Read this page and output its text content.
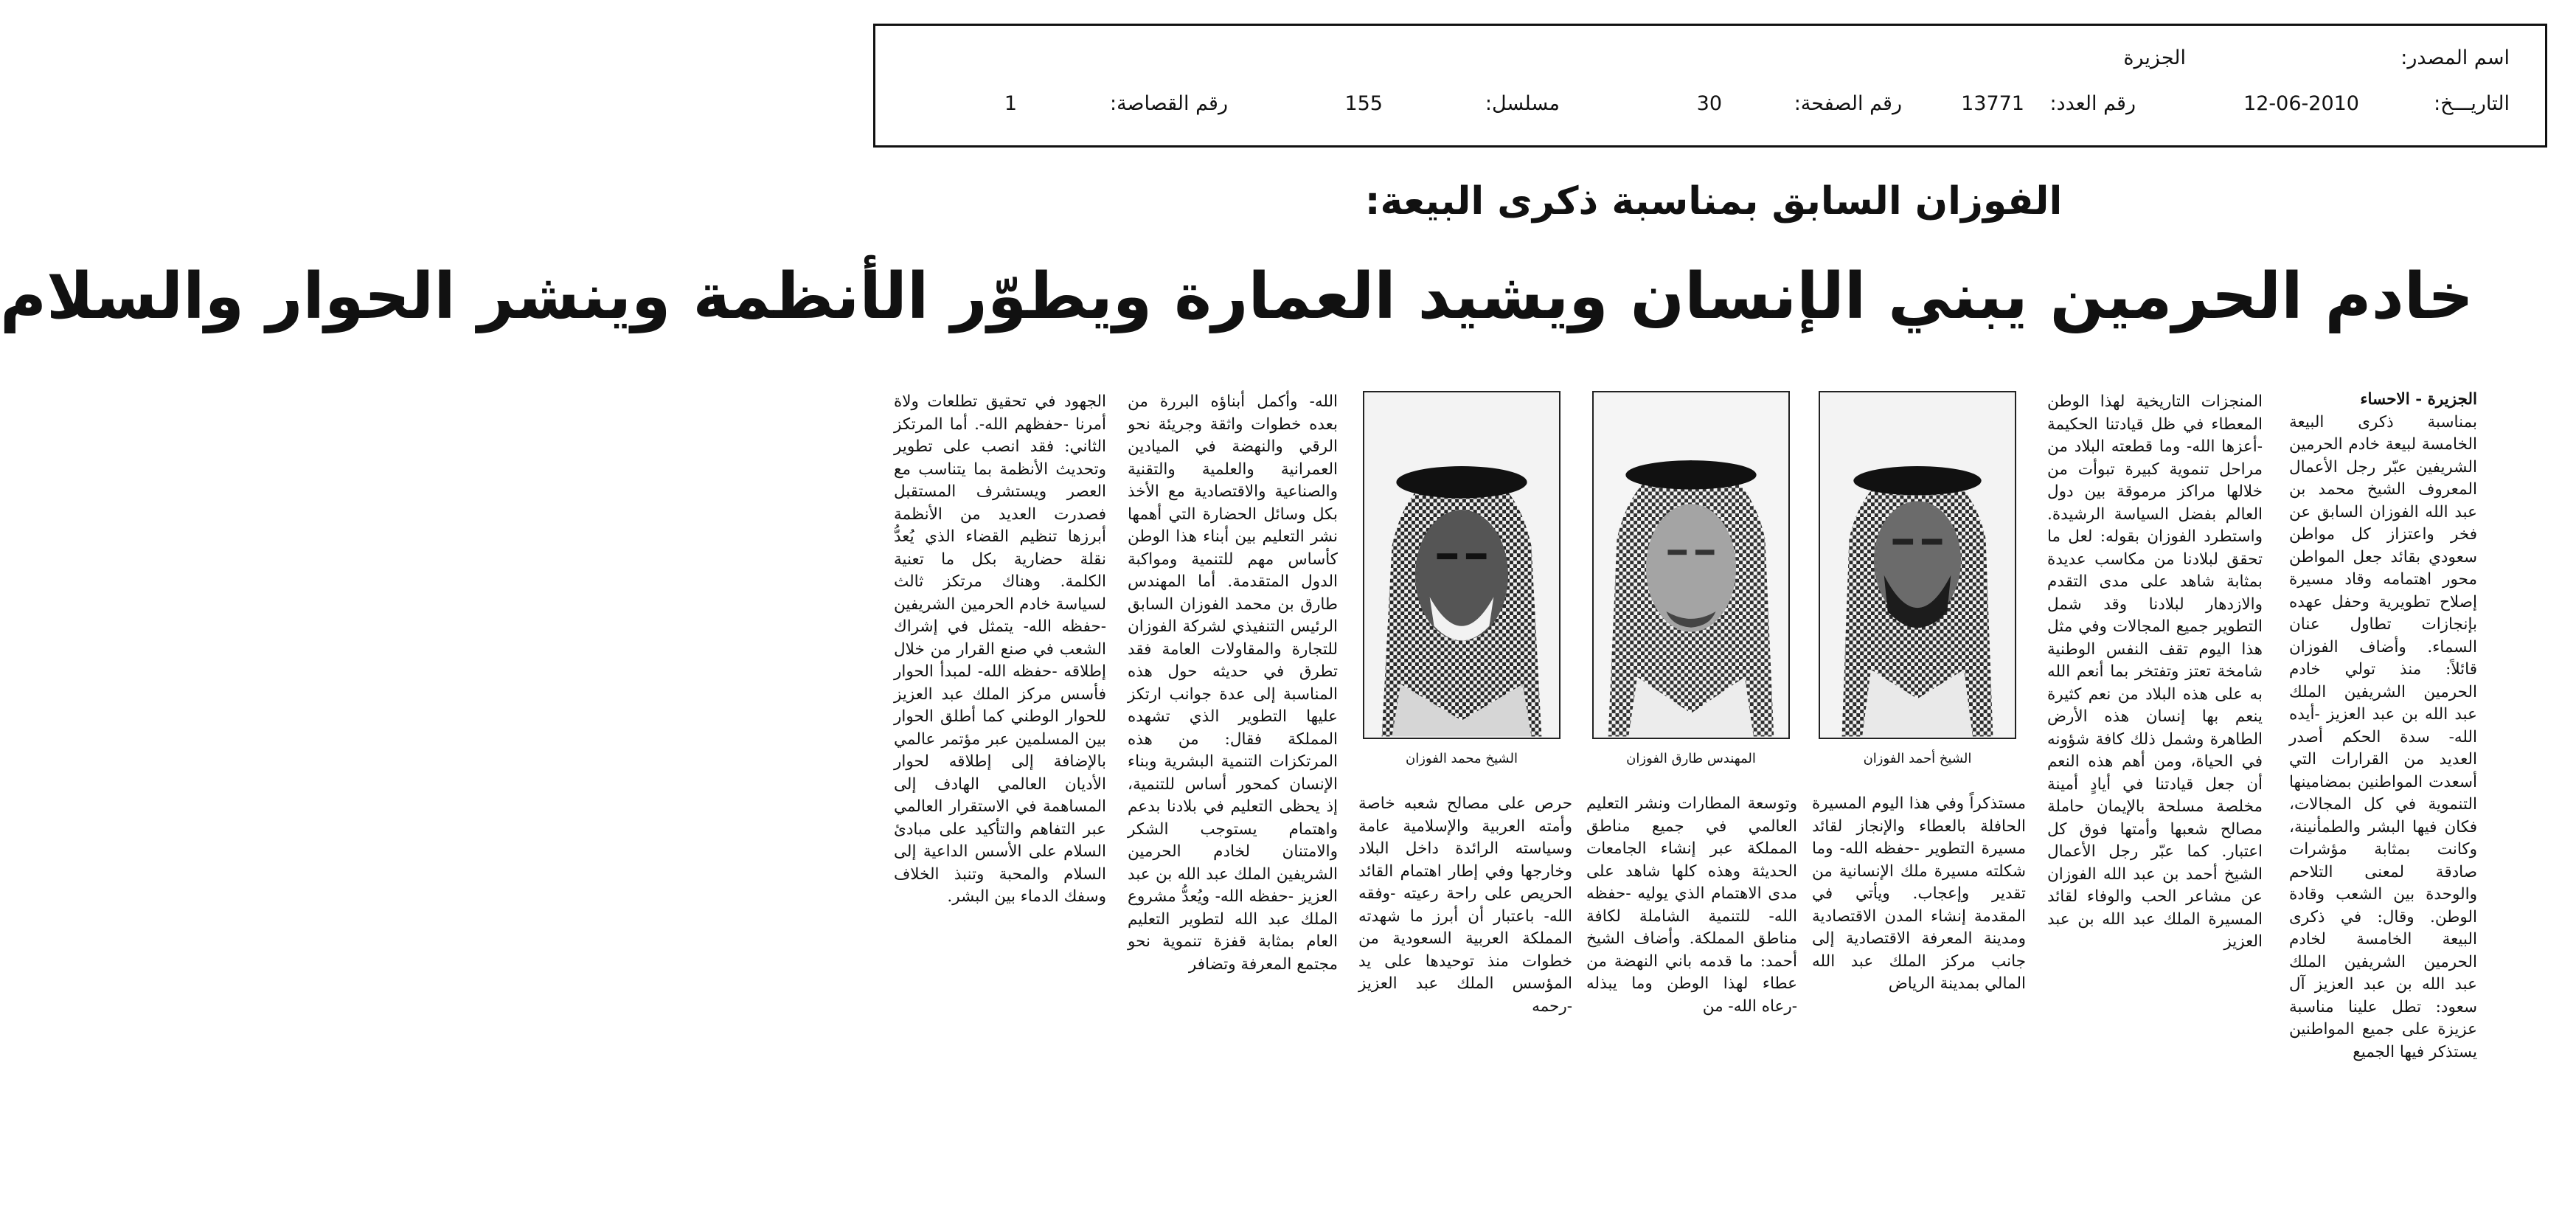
اسم المصدر:
الجزيرة
التاريـــخ:
12-06-2010
رقم العدد:
13771
رقم الصفحة:
30
مسلسل:
155
رقم القصاصة:
1
الفوزان السابق بمناسبة ذكرى البيعة:
خادم الحرمين يبني الإنسان ويشيد العمارة ويطوّر الأنظمة وينشر الحوار والسلام
الجزيرة - الاحساء

بمناسبة ذكرى البيعة الخامسة لبيعة خادم الحرمين الشريفين عبّر رجل الأعمال المعروف الشيخ محمد بن عبد الله الفوزان السابق عن فخر واعتزاز كل مواطن سعودي بقائد جعل المواطن محور اهتمامه وقاد مسيرة إصلاح تطويرية وحفل عهده بإنجازات تطاول عنان السماء. وأضاف الفوزان قائلاً: منذ تولي خادم الحرمين الشريفين الملك عبد الله بن عبد العزيز -أيده الله- سدة الحكم أصدر العديد من القرارات التي أسعدت المواطنين بمضامينها التنموية في كل المجالات، فكان فيها البشر والطمأنينة، وكانت بمثابة مؤشرات صادقة لمعنى التلاحم والوحدة بين الشعب وقادة الوطن. وقال: في ذكرى البيعة الخامسة لخادم الحرمين الشريفين الملك عبد الله بن عبد العزيز آل سعود: تطل علينا مناسبة عزيزة على جميع المواطنين يستذكر فيها الجميع

المنجزات التاريخية لهذا الوطن المعطاء في ظل قيادتنا الحكيمة -أعزها الله- وما قطعته البلاد من مراحل تنموية كبيرة تبوأت من خلالها مراكز مرموقة بين دول العالم بفضل السياسة الرشيدة. واستطرد الفوزان بقوله: لعل ما تحقق لبلادنا من مكاسب عديدة بمثابة شاهد على مدى التقدم والازدهار لبلادنا وقد شمل التطوير جميع المجالات وفي مثل هذا اليوم تقف النفس الوطنية شامخة تعتز وتفتخر بما أنعم الله به على هذه البلاد من نعم كثيرة ينعم بها إنسان هذه الأرض الطاهرة وشمل ذلك كافة شؤونه في الحياة، ومن أهم هذه النعم أن جعل قيادتنا في أيادٍ أمينة مخلصة مسلحة بالإيمان حاملة مصالح شعبها وأمتها فوق كل اعتبار. كما عبّر رجل الأعمال الشيخ أحمد بن عبد الله الفوزان عن مشاعر الحب والوفاء لقائد المسيرة الملك عبد الله بن عبد العزيز

مستذكراً وفي هذا اليوم المسيرة الحافلة بالعطاء والإنجاز لقائد مسيرة التطوير -حفظه الله- وما شكلته مسيرة ملك الإنسانية من تقدير وإعجاب. ويأتي في المقدمة إنشاء المدن الاقتصادية ومدينة المعرفة الاقتصادية إلى جانب مركز الملك عبد الله المالي بمدينة الرياض

وتوسعة المطارات ونشر التعليم العالمي في جميع مناطق المملكة عبر إنشاء الجامعات الحديثة وهذه كلها شاهد على مدى الاهتمام الذي يوليه -حفظه الله- للتنمية الشاملة لكافة مناطق المملكة. وأضاف الشيخ أحمد: ما قدمه باني النهضة من عطاء لهذا الوطن وما يبذله -رعاه الله- من

حرص على مصالح شعبه خاصة وأمته العربية والإسلامية عامة وسياسته الرائدة داخل البلاد وخارجها وفي إطار اهتمام القائد الحريص على راحة رعيته -وفقه الله- باعتبار أن أبرز ما شهدته المملكة العربية السعودية من خطوات منذ توحيدها على يد المؤسس الملك عبد العزيز -رحمه

الله- وأكمل أبناؤه البررة من بعده خطوات واثقة وجريئة نحو الرقي والنهضة في الميادين العمرانية والعلمية والتقنية والصناعية والاقتصادية مع الأخذ بكل وسائل الحضارة التي أهمها نشر التعليم بين أبناء هذا الوطن كأساس مهم للتنمية ومواكبة الدول المتقدمة. أما المهندس طارق بن محمد الفوزان السابق الرئيس التنفيذي لشركة الفوزان للتجارة والمقاولات العامة فقد تطرق في حديثه حول هذه المناسبة إلى عدة جوانب ارتكز عليها التطوير الذي تشهده المملكة فقال: من هذه المرتكزات التنمية البشرية وبناء الإنسان كمحور أساس للتنمية، إذ يحظى التعليم في بلادنا بدعم واهتمام يستوجب الشكر والامتنان لخادم الحرمين الشريفين الملك عبد الله بن عبد العزيز -حفظه الله- ويُعدُّ مشروع الملك عبد الله لتطوير التعليم العام بمثابة قفزة تنموية نحو مجتمع المعرفة وتضافر

الجهود في تحقيق تطلعات ولاة أمرنا -حفظهم الله-. أما المرتكز الثاني: فقد انصب على تطوير وتحديث الأنظمة بما يتناسب مع العصر ويستشرف المستقبل فصدرت العديد من الأنظمة أبرزها تنظيم القضاء الذي يُعدُّ نقلة حضارية بكل ما تعنية الكلمة. وهناك مرتكز ثالث لسياسة خادم الحرمين الشريفين -حفظه الله- يتمثل في إشراك الشعب في صنع القرار من خلال إطلاقه -حفظه الله- لمبدأ الحوار فأسس مركز الملك عبد العزيز للحوار الوطني كما أطلق الحوار بين المسلمين عبر مؤتمر عالمي بالإضافة إلى إطلاقه لحوار الأديان العالمي الهادف إلى المساهمة في الاستقرار العالمي عبر التفاهم والتأكيد على مبادئ السلام على الأسس الداعية إلى السلام والمحبة وتنبذ الخلاف وسفك الدماء بين البشر.

الشيخ أحمد الفوزان
المهندس طارق الفوزان
الشيخ محمد الفوزان
